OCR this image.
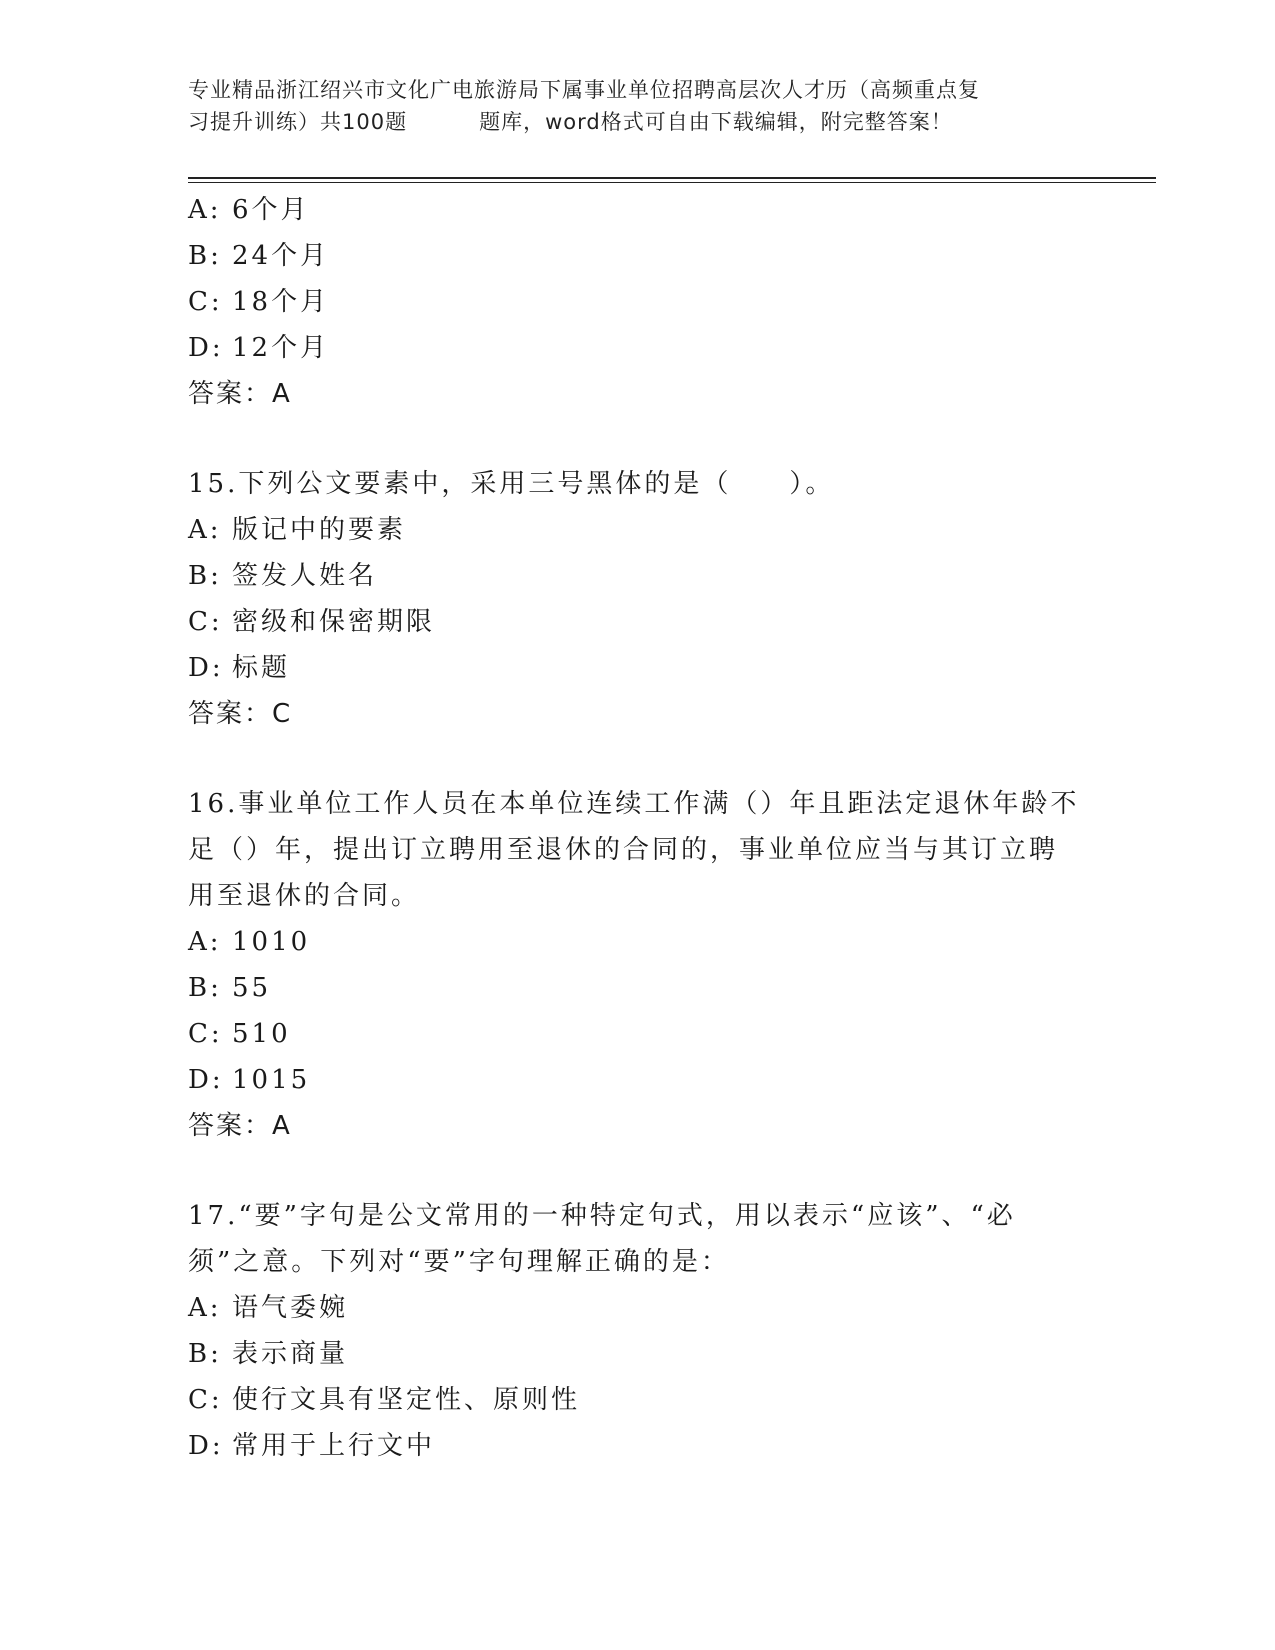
专业精品浙江绍兴市文化广电旅游局下属事业单位招聘高层次人才历（高频重点复
习提升训练）共100题	题库，word格式可自由下载编辑，附完整答案！
A: 6个月
B: 24个月
C: 18个月
D: 12个月
答案：A
15.下列公文要素中，采用三号黑体的是（　　）。
A: 版记中的要素
B: 签发人姓名
C: 密级和保密期限
D: 标题
答案：C
16.事业单位工作人员在本单位连续工作满（）年且距法定退休年龄不
足（）年，提出订立聘用至退休的合同的，事业单位应当与其订立聘
用至退休的合同。
A: 1010
B: 55
C: 510
D: 1015
答案：A
17.“要”字句是公文常用的一种特定句式，用以表示“应该”、“必
须”之意。下列对“要”字句理解正确的是：
A: 语气委婉
B: 表示商量
C: 使行文具有坚定性、原则性
D: 常用于上行文中
